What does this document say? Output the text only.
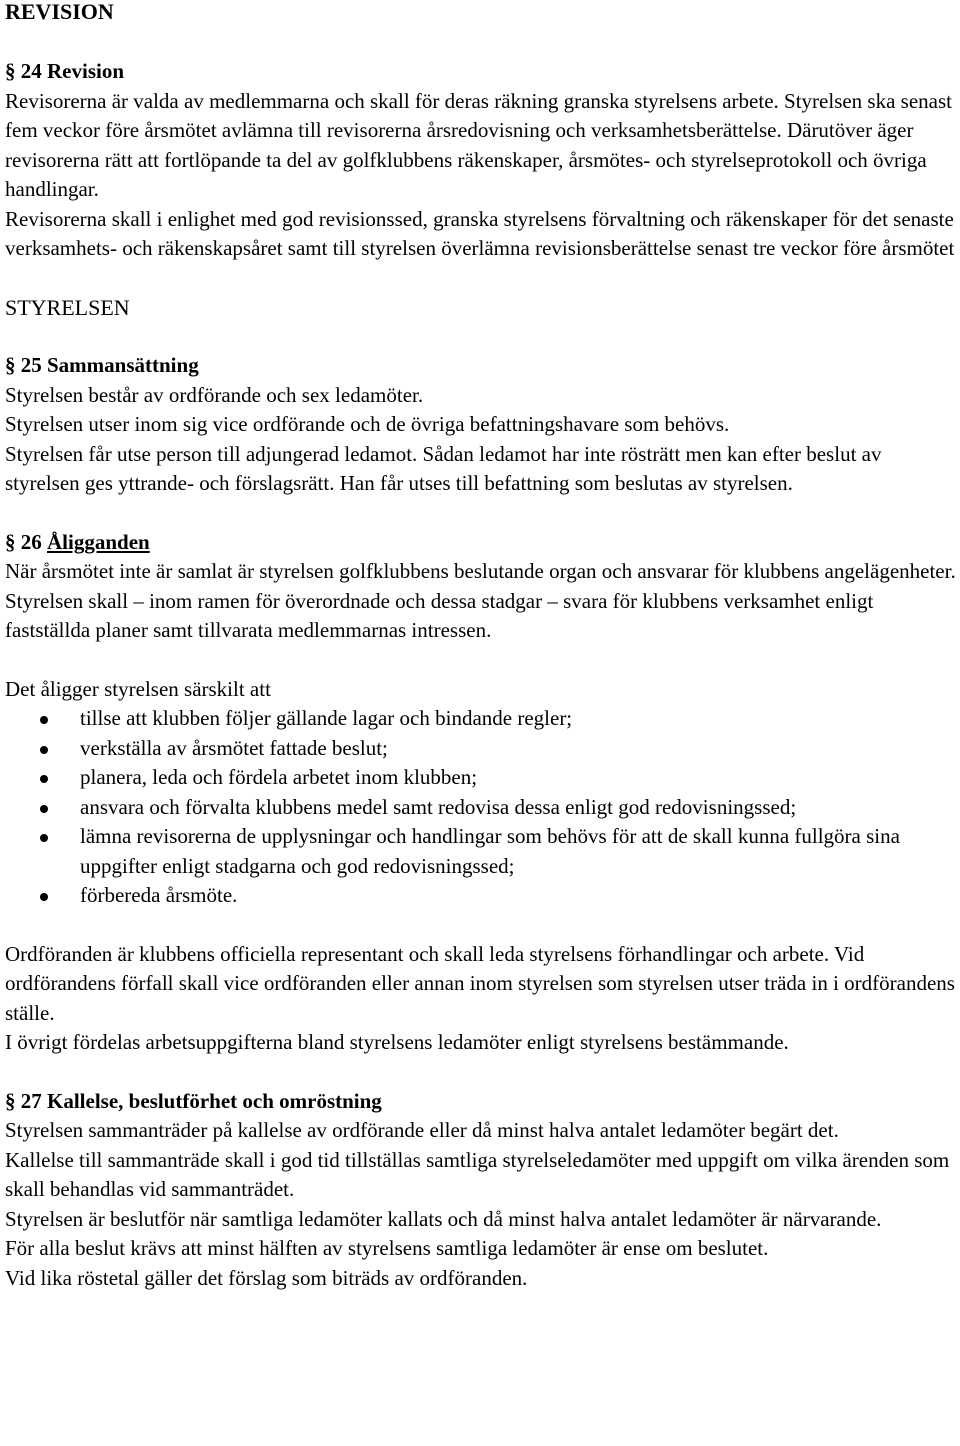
REVISION
§ 24 Revision

Revisorerna är valda av medlemmarna och skall för deras räkning granska styrelsens arbete. Styrelsen ska senast fem veckor före årsmötet avlämna till revisorerna årsredovisning och verksamhetsberättelse. Därutöver äger revisorerna rätt att fortlöpande ta del av golfklubbens räkenskaper, årsmötes- och styrelseprotokoll och övriga handlingar.

Revisorerna skall i enlighet med god revisionssed, granska styrelsens förvaltning och räkenskaper för det senaste verksamhets- och räkenskapsåret samt till styrelsen överlämna revisionsberättelse senast tre veckor före årsmötet

STYRELSEN
§ 25 Sammansättning

Styrelsen består av ordförande och sex ledamöter.

Styrelsen utser inom sig vice ordförande och de övriga befattningshavare som behövs.

Styrelsen får utse person till adjungerad ledamot. Sådan ledamot har inte rösträtt men kan efter beslut av styrelsen ges yttrande- och förslagsrätt. Han får utses till befattning som beslutas av styrelsen.

§ 26 Åligganden

När årsmötet inte är samlat är styrelsen golfklubbens beslutande organ och ansvarar för klubbens angelägenheter. Styrelsen skall – inom ramen för överordnade och dessa stadgar – svara för klubbens verksamhet enligt fastställda planer samt tillvarata medlemmarnas intressen.

Det åligger styrelsen särskilt att

tillse att klubben följer gällande lagar och bindande regler;
verkställa av årsmötet fattade beslut;
planera, leda och fördela arbetet inom klubben;
ansvara och förvalta klubbens medel samt redovisa dessa enligt god redovisningssed;
lämna revisorerna de upplysningar och handlingar som behövs för att de skall kunna fullgöra sina uppgifter enligt stadgarna och god redovisningssed;
förbereda årsmöte.

Ordföranden är klubbens officiella representant och skall leda styrelsens förhandlingar och arbete. Vid ordförandens förfall skall vice ordföranden eller annan inom styrelsen som styrelsen utser träda in i ordförandens ställe.

I övrigt fördelas arbetsuppgifterna bland styrelsens ledamöter enligt styrelsens bestämmande.

§ 27 Kallelse, beslutförhet och omröstning

Styrelsen sammanträder på kallelse av ordförande eller då minst halva antalet ledamöter begärt det.

Kallelse till sammanträde skall i god tid tillställas samtliga styrelseledamöter med uppgift om vilka ärenden som skall behandlas vid sammanträdet.

Styrelsen är beslutför när samtliga ledamöter kallats och då minst halva antalet ledamöter är närvarande.

För alla beslut krävs att minst hälften av styrelsens samtliga ledamöter är ense om beslutet.

Vid lika röstetal gäller det förslag som biträds av ordföranden.
